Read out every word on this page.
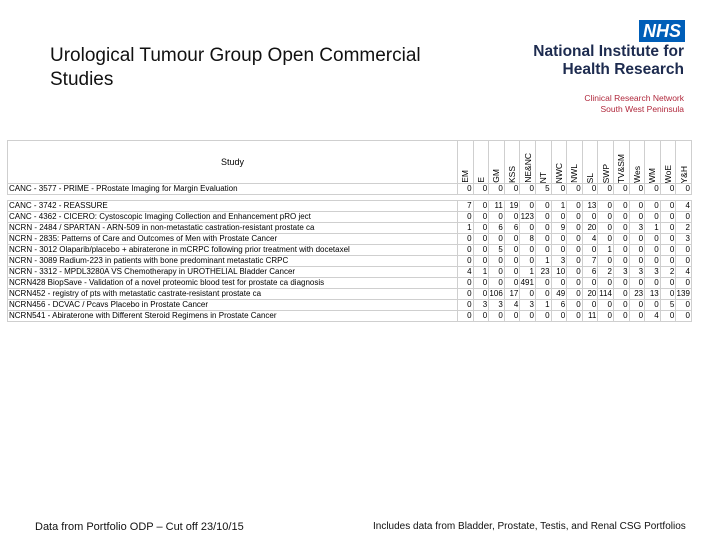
Urological Tumour Group Open Commercial Studies
NHS
National Institute for
Health Research
Clinical Research Network
South West Peninsula
Study	EM	E	GM	KSS	NE&NC	NT	NWC	NWL	SL	SWP	TV&SM	Wes	WM	WoE	Y&H

CANC - 3577 - PRIME - PRostate Imaging for Margin Evaluation	0	0	0	0	0	5	0	0	0	0	0	0	0	0	0

CANC - 3742 - REASSURE	7	0	11	19	0	0	1	0	13	0	0	0	0	0	4
CANC - 4362 - CICERO: Cystoscopic Imaging Collection and Enhancement pRO ject	0	0	0	0	123	0	0	0	0	0	0	0	0	0	0
NCRN - 2484 / SPARTAN - ARN-509 in non-metastatic castration-resistant prostate ca	1	0	6	6	0	0	9	0	20	0	0	3	1	0	2
NCRN - 2835: Patterns of Care and Outcomes of Men with Prostate Cancer	0	0	0	0	8	0	0	0	4	0	0	0	0	0	3
NCRN - 3012 Olaparib/placebo + abiraterone in mCRPC following prior treatment with docetaxel	0	0	5	0	0	0	0	0	0	1	0	0	0	0	0
NCRN - 3089 Radium-223 in patients with bone predominant metastatic CRPC	0	0	0	0	0	1	3	0	7	0	0	0	0	0	0
NCRN - 3312 - MPDL3280A VS Chemotherapy in UROTHELIAL Bladder Cancer	4	1	0	0	1	23	10	0	6	2	3	3	3	2	4
NCRN428 BiopSave - Validation of a novel proteomic blood test for prostate ca diagnosis	0	0	0	0	491	0	0	0	0	0	0	0	0	0	0
NCRN452 - registry of pts with metastatic castrate-resistant prostate ca	0	0	106	17	0	0	49	0	20	114	0	23	13	0	139
NCRN456 - DCVAC / Pcavs Placebo in Prostate Cancer	0	3	3	4	3	1	6	0	0	0	0	0	0	5	0
NCRN541 - Abiraterone with Different Steroid Regimens in Prostate Cancer	0	0	0	0	0	0	0	0	11	0	0	0	4	0	0
Data from Portfolio ODP – Cut off 23/10/15	Includes data from Bladder, Prostate, Testis, and Renal CSG Portfolios
